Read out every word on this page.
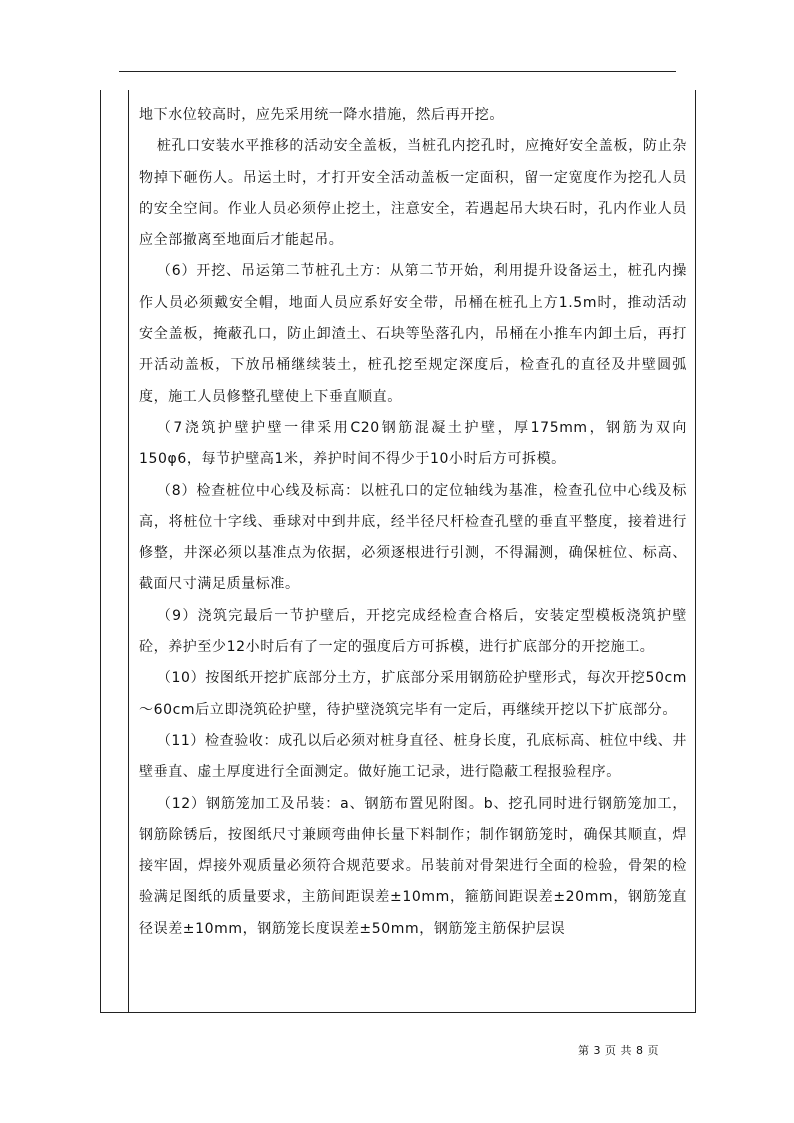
地下水位较高时，应先采用统一降水措施，然后再开挖。

桩孔口安装水平推移的活动安全盖板，当桩孔内挖孔时，应掩好安全盖板，防止杂物掉下砸伤人。吊运土时，才打开安全活动盖板一定面积，留一定宽度作为挖孔人员的安全空间。作业人员必须停止挖土，注意安全，若遇起吊大块石时，孔内作业人员应全部撤离至地面后才能起吊。

（6）开挖、吊运第二节桩孔土方：从第二节开始，利用提升设备运土，桩孔内操作人员必须戴安全帽，地面人员应系好安全带，吊桶在桩孔上方1.5m时，推动活动安全盖板，掩蔽孔口，防止卸渣土、石块等坠落孔内，吊桶在小推车内卸土后，再打开活动盖板，下放吊桶继续装土，桩孔挖至规定深度后，检查孔的直径及井壁圆弧度，施工人员修整孔壁使上下垂直顺直。

（7浇筑护壁护壁一律采用C20钢筋混凝土护壁，厚175mm，钢筋为双向150φ6，每节护壁高1米，养护时间不得少于10小时后方可拆模。

（8）检查桩位中心线及标高：以桩孔口的定位轴线为基准，检查孔位中心线及标高，将桩位十字线、垂球对中到井底，经半径尺杆检查孔壁的垂直平整度，接着进行修整，井深必须以基准点为依据，必须逐根进行引测，不得漏测，确保桩位、标高、截面尺寸满足质量标准。

（9）浇筑完最后一节护壁后，开挖完成经检查合格后，安装定型模板浇筑护壁砼，养护至少12小时后有了一定的强度后方可拆模，进行扩底部分的开挖施工。

（10）按图纸开挖扩底部分土方，扩底部分采用钢筋砼护壁形式，每次开挖50cm～60cm后立即浇筑砼护壁，待护壁浇筑完毕有一定后，再继续开挖以下扩底部分。

（11）检查验收：成孔以后必须对桩身直径、桩身长度，孔底标高、桩位中线、井壁垂直、虚土厚度进行全面测定。做好施工记录，进行隐蔽工程报验程序。

（12）钢筋笼加工及吊装：a、钢筋布置见附图。b、挖孔同时进行钢筋笼加工，钢筋除锈后，按图纸尺寸兼顾弯曲伸长量下料制作；制作钢筋笼时，确保其顺直，焊接牢固，焊接外观质量必须符合规范要求。吊装前对骨架进行全面的检验，骨架的检验满足图纸的质量要求，主筋间距误差±10mm，箍筋间距误差±20mm，钢筋笼直径误差±10mm，钢筋笼长度误差±50mm，钢筋笼主筋保护层误

第 3 页 共 8 页
